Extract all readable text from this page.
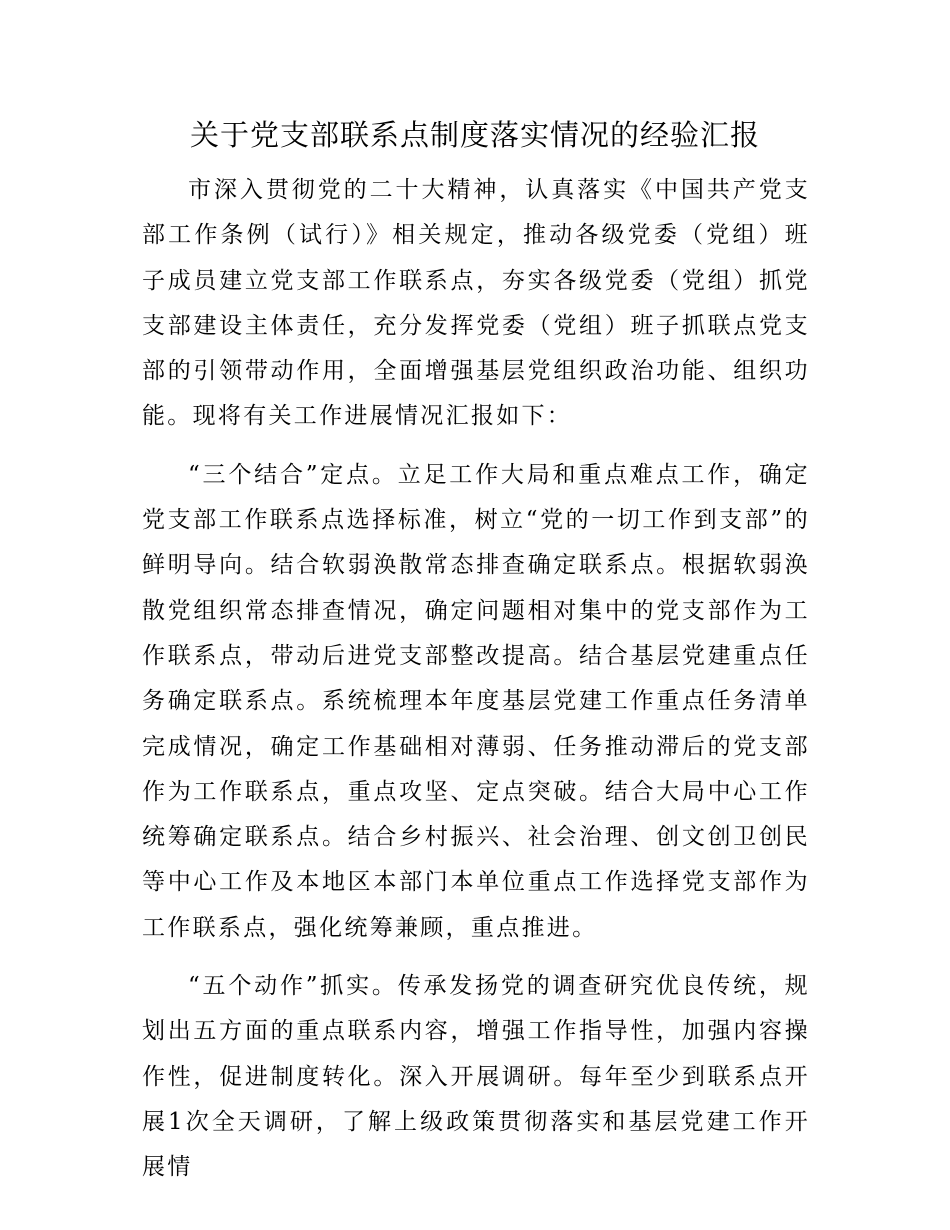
关于党支部联系点制度落实情况的经验汇报

市深入贯彻党的二十大精神，认真落实《中国共产党支部工作条例（试行）》相关规定，推动各级党委（党组）班子成员建立党支部工作联系点，夯实各级党委（党组）抓党支部建设主体责任，充分发挥党委（党组）班子抓联点党支部的引领带动作用，全面增强基层党组织政治功能、组织功能。现将有关工作进展情况汇报如下：

“三个结合”定点。立足工作大局和重点难点工作，确定党支部工作联系点选择标准，树立“党的一切工作到支部”的鲜明导向。结合软弱涣散常态排查确定联系点。根据软弱涣散党组织常态排查情况，确定问题相对集中的党支部作为工作联系点，带动后进党支部整改提高。结合基层党建重点任务确定联系点。系统梳理本年度基层党建工作重点任务清单完成情况，确定工作基础相对薄弱、任务推动滞后的党支部作为工作联系点，重点攻坚、定点突破。结合大局中心工作统筹确定联系点。结合乡村振兴、社会治理、创文创卫创民等中心工作及本地区本部门本单位重点工作选择党支部作为工作联系点，强化统筹兼顾，重点推进。

“五个动作”抓实。传承发扬党的调查研究优良传统，规划出五方面的重点联系内容，增强工作指导性，加强内容操作性，促进制度转化。深入开展调研。每年至少到联系点开展1次全天调研，了解上级政策贯彻落实和基层党建工作开展情
